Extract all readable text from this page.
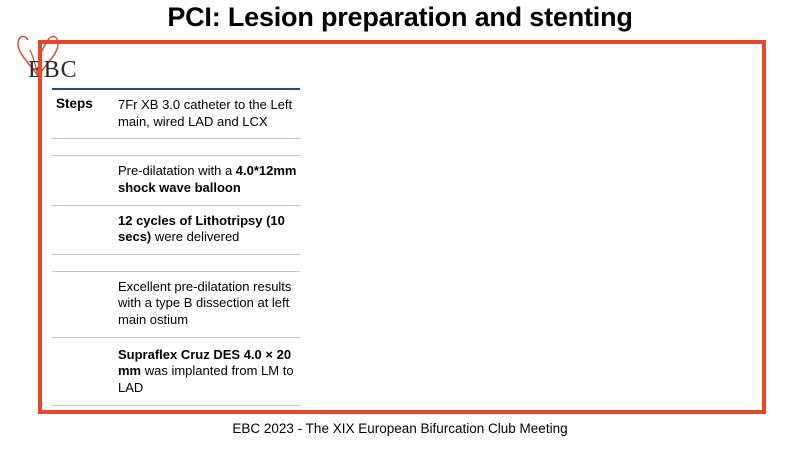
PCI: Lesion preparation and stenting
EBC
Steps	7Fr XB 3.0 catheter to the Left main, wired LAD and LCX
Pre-dilatation with a 4.0*12mm shock wave balloon
12 cycles of Lithotripsy (10 secs) were delivered
Excellent pre-dilatation results with a type B dissection at left main ostium
Supraflex Cruz DES 4.0 × 20 mm was implanted from LM to LAD
EBC 2023 - The XIX European Bifurcation Club Meeting
